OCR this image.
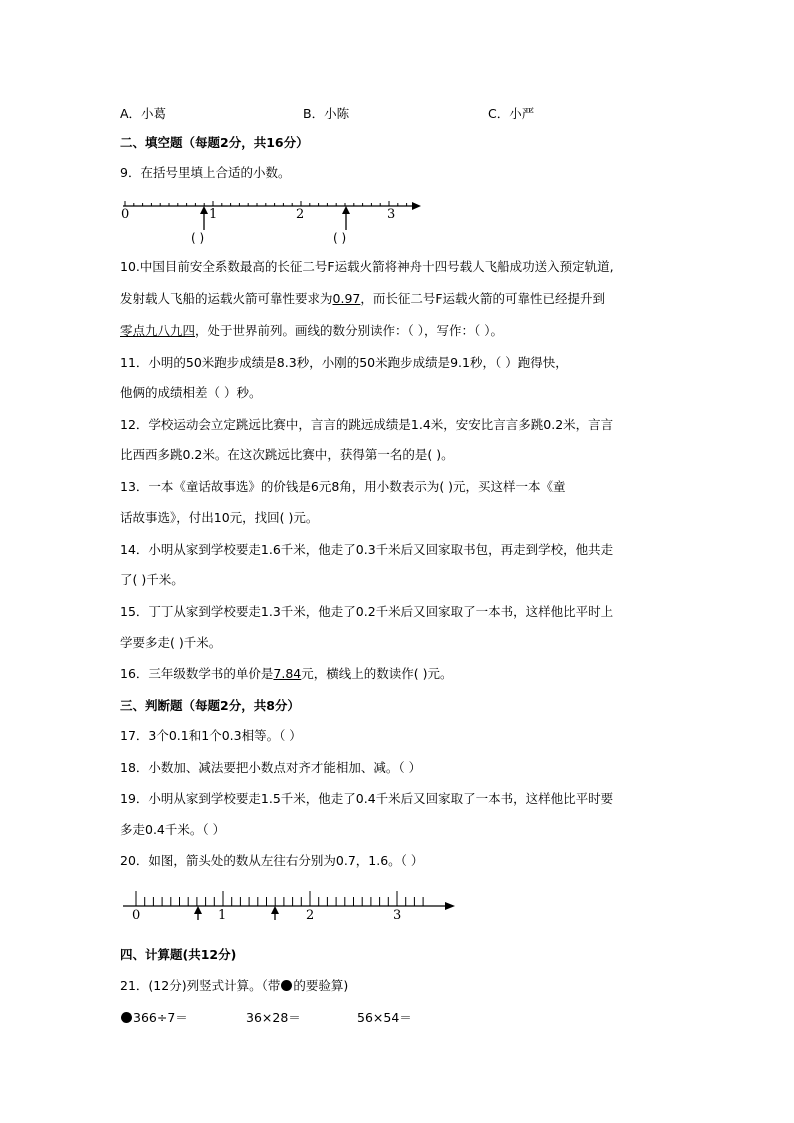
A．小葛	B．小陈	C．小严
二、填空题（每题2分，共16分）
9．在括号里填上合适的小数。
0	1	2	3
( )	( )
10.中国目前安全系数最高的长征二号F运载火箭将神舟十四号载人飞船成功送入预定轨道,
发射载人飞船的运载火箭可靠性要求为0.97，而长征二号F运载火箭的可靠性已经提升到
零点九八九四，处于世界前列。画线的数分别读作：（ ），写作：（ ）。
11．小明的50米跑步成绩是8.3秒，小刚的50米跑步成绩是9.1秒，（ ）跑得快，
他俩的成绩相差（ ）秒。
12．学校运动会立定跳远比赛中，言言的跳远成绩是1.4米，安安比言言多跳0.2米，言言
比西西多跳0.2米。在这次跳远比赛中，获得第一名的是( )。
13．一本《童话故事选》的价钱是6元8角，用小数表示为( )元，买这样一本《童
话故事选》，付出10元，找回( )元。
14．小明从家到学校要走1.6千米，他走了0.3千米后又回家取书包，再走到学校，他共走
了( )千米。
15．丁丁从家到学校要走1.3千米，他走了0.2千米后又回家取了一本书，这样他比平时上
学要多走( )千米。
16．三年级数学书的单价是7.84元，横线上的数读作( )元。
三、判断题（每题2分，共8分）
17．3个0.1和1个0.3相等。（ ）
18．小数加、减法要把小数点对齐才能相加、减。（ ）
19．小明从家到学校要走1.5千米，他走了0.4千米后又回家取了一本书，这样他比平时要
多走0.4千米。（ ）
20．如图，箭头处的数从左往右分别为0.7，1.6。（ ）
0	1	2	3
四、计算题(共12分)
21．(12分)列竖式计算。（带 的要验算)
366÷7＝	36×28＝	56×54＝
